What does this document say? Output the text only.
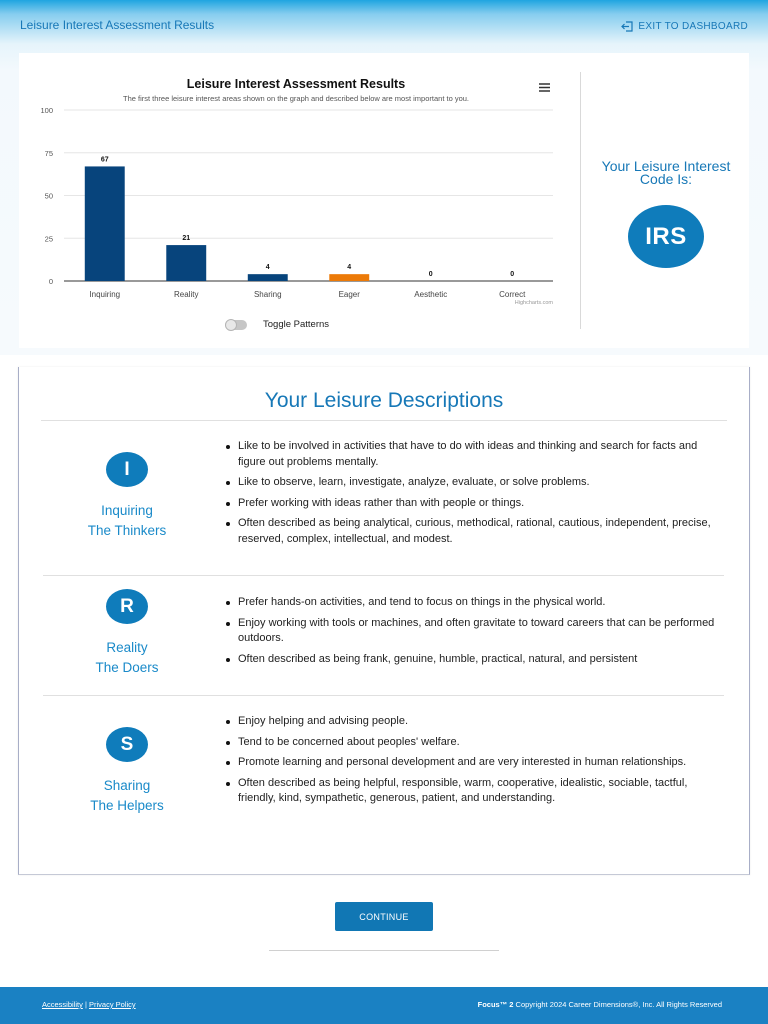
Leisure Interest Assessment Results	EXIT TO DASHBOARD
Leisure Interest Assessment Results
The first three leisure interest areas shown on the graph and described below are most important to you.
0
25
50
75
100
67
Inquiring
21
Reality
4
Sharing
4
Eager
0
Aesthetic
0
Correct
Highcharts.com
Your Leisure Interest Code Is:
IRS
Toggle Patterns
Your Leisure Descriptions
I
Inquiring
The Thinkers
Like to be involved in activities that have to do with ideas and thinking and search for facts and figure out problems mentally.
Like to observe, learn, investigate, analyze, evaluate, or solve problems.
Prefer working with ideas rather than with people or things.
Often described as being analytical, curious, methodical, rational, cautious, independent, precise, reserved, complex, intellectual, and modest.
R
Reality
The Doers
Prefer hands-on activities, and tend to focus on things in the physical world.
Enjoy working with tools or machines, and often gravitate to toward careers that can be performed outdoors.
Often described as being frank, genuine, humble, practical, natural, and persistent
S
Sharing
The Helpers
Enjoy helping and advising people.
Tend to be concerned about peoples' welfare.
Promote learning and personal development and are very interested in human relationships.
Often described as being helpful, responsible, warm, cooperative, idealistic, sociable, tactful, friendly, kind, sympathetic, generous, patient, and understanding.
CONTINUE
Accessibility | Privacy Policy	Focus™ 2 Copyright 2024 Career Dimensions®, Inc. All Rights Reserved
